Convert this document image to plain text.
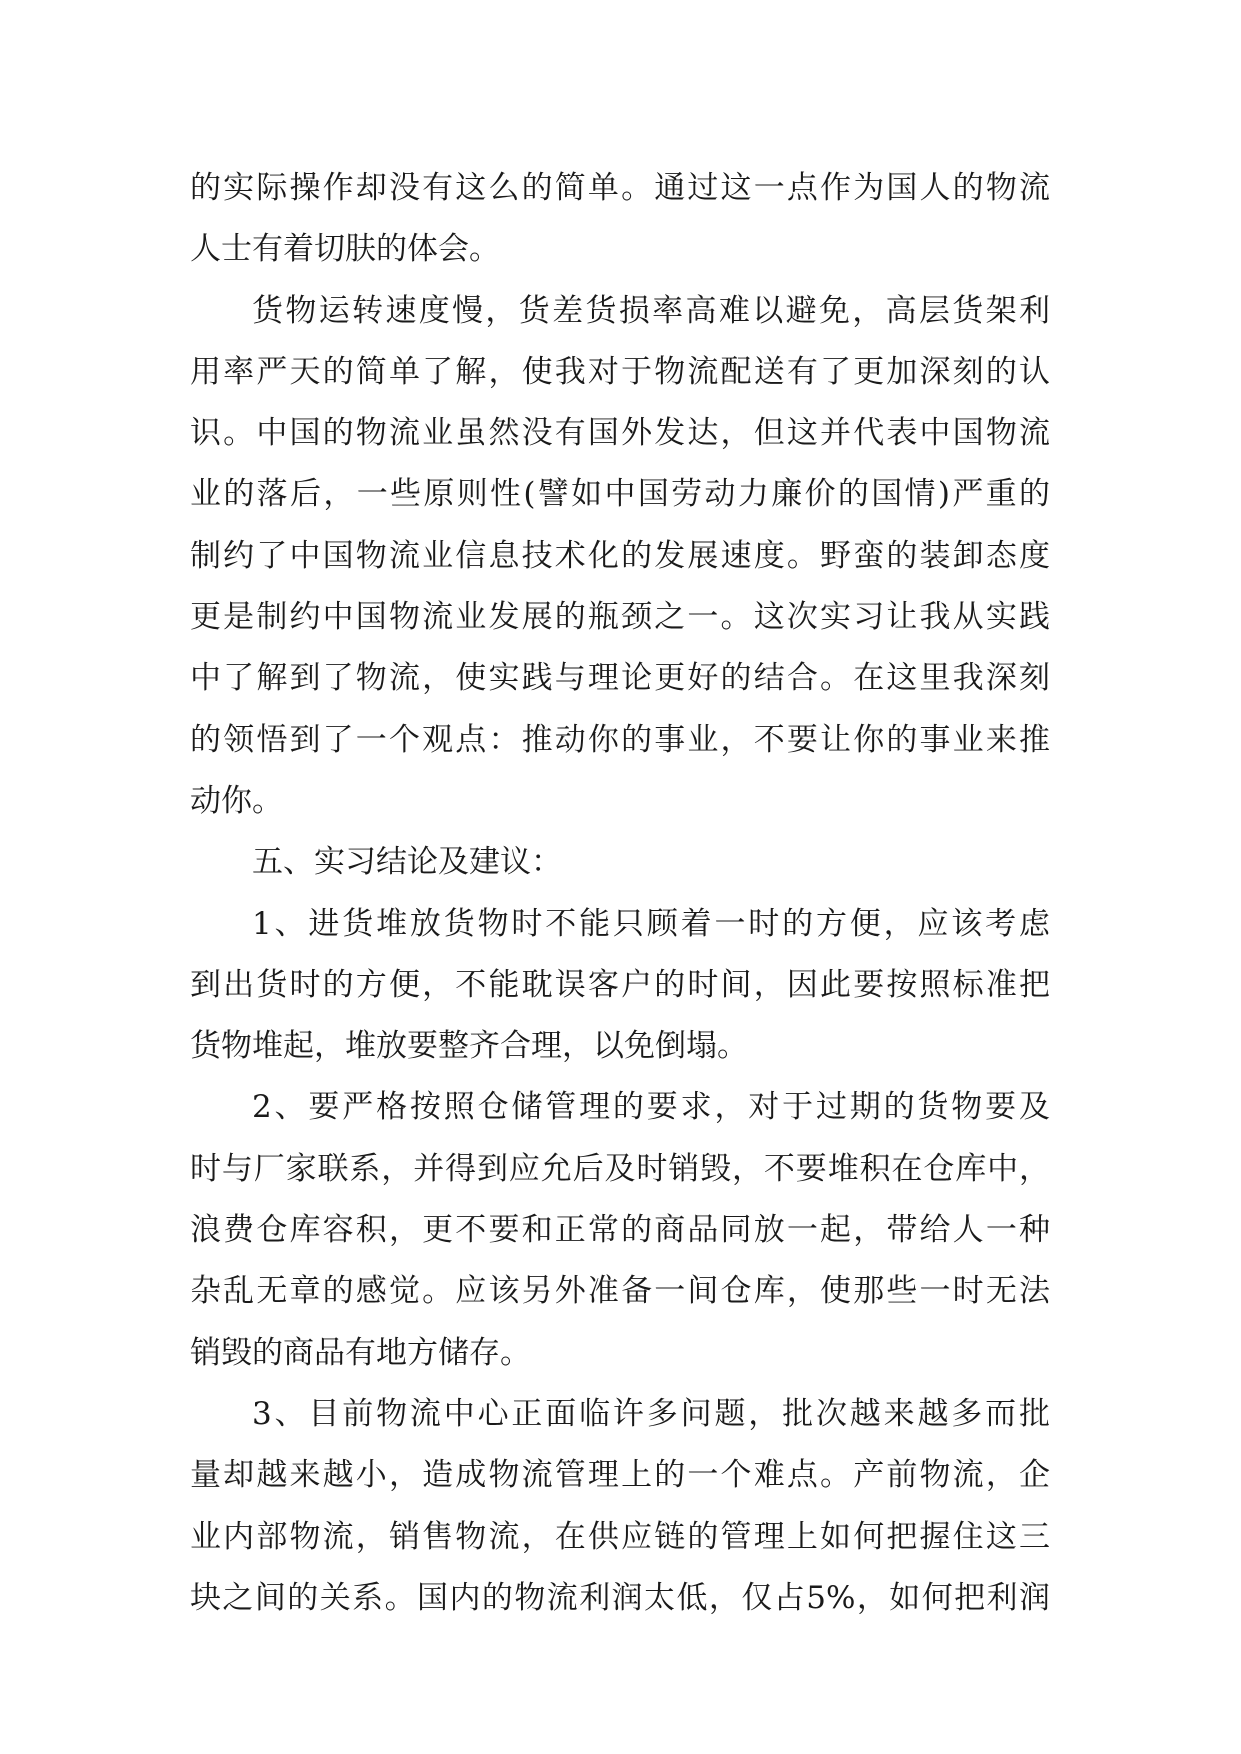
的实际操作却没有这么的简单。通过这一点作为国人的物流
人士有着切肤的体会。
货物运转速度慢，货差货损率高难以避免，高层货架利
用率严天的简单了解，使我对于物流配送有了更加深刻的认
识。中国的物流业虽然没有国外发达，但这并代表中国物流
业的落后，一些原则性(譬如中国劳动力廉价的国情)严重的
制约了中国物流业信息技术化的发展速度。野蛮的装卸态度
更是制约中国物流业发展的瓶颈之一。这次实习让我从实践
中了解到了物流，使实践与理论更好的结合。在这里我深刻
的领悟到了一个观点：推动你的事业，不要让你的事业来推
动你。
五、实习结论及建议：
1、进货堆放货物时不能只顾着一时的方便，应该考虑
到出货时的方便，不能耽误客户的时间，因此要按照标准把
货物堆起，堆放要整齐合理，以免倒塌。
2、要严格按照仓储管理的要求，对于过期的货物要及
时与厂家联系，并得到应允后及时销毁，不要堆积在仓库中，
浪费仓库容积，更不要和正常的商品同放一起，带给人一种
杂乱无章的感觉。应该另外准备一间仓库，使那些一时无法
销毁的商品有地方储存。
3、目前物流中心正面临许多问题，批次越来越多而批
量却越来越小，造成物流管理上的一个难点。产前物流，企
业内部物流，销售物流，在供应链的管理上如何把握住这三
块之间的关系。国内的物流利润太低，仅占5%，如何把利润
